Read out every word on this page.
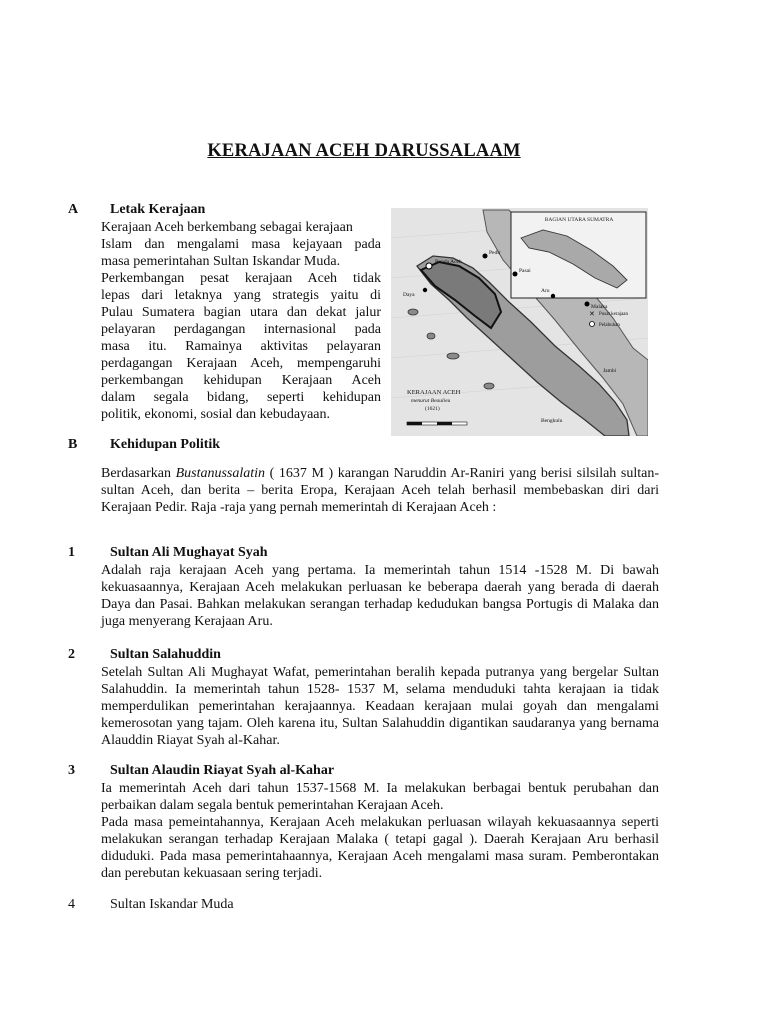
KERAJAAN ACEH DARUSSALAAM
A Letak Kerajaan
Kerajaan Aceh berkembang sebagai kerajaan
Islam dan mengalami masa kejayaan pada
masa pemerintahan Sultan Iskandar Muda.
Perkembangan pesat kerajaan Aceh tidak
lepas dari letaknya yang strategis yaitu di
Pulau Sumatera bagian utara dan dekat jalur
pelayaran perdagangan internasional pada
masa itu. Ramainya aktivitas pelayaran
perdagangan Kerajaan Aceh, mempengaruhi
perkembangan kehidupan Kerajaan Aceh
dalam segala bidang, seperti kehidupan
politik, ekonomi, sosial dan kebudayaan.
BAGIAN UTARA SUMATRA
Banda Aceh
Pedir
Pasai
Daya
Malaka
Aru
Jambi
Bengkulu
✕ Pusat kerajaan
Pelabuhan
KERAJAAN ACEH
menurut Beaulieu
(1621)
B Kehidupan Politik
Berdasarkan Bustanussalatin ( 1637 M ) karangan Naruddin Ar-Raniri yang berisi silsilah sultan- sultan Aceh, dan berita – berita Eropa, Kerajaan Aceh telah berhasil membebaskan diri dari Kerajaan Pedir. Raja -raja yang pernah memerintah di Kerajaan Aceh :
1	Sultan Ali Mughayat Syah
Adalah raja kerajaan Aceh yang pertama. Ia memerintah tahun 1514 -1528 M. Di bawah kekuasaannya, Kerajaan Aceh melakukan perluasan ke beberapa daerah yang berada di daerah Daya dan Pasai. Bahkan melakukan serangan terhadap kedudukan bangsa Portugis di Malaka dan juga menyerang Kerajaan Aru.
2	Sultan Salahuddin
Setelah Sultan Ali Mughayat Wafat, pemerintahan beralih kepada putranya yang bergelar Sultan Salahuddin. Ia memerintah tahun 1528- 1537 M, selama menduduki tahta kerajaan ia tidak memperdulikan pemerintahan kerajaannya. Keadaan kerajaan mulai goyah dan mengalami kemerosotan yang tajam. Oleh karena itu, Sultan Salahuddin digantikan saudaranya yang bernama Alauddin Riayat Syah al-Kahar.
3	Sultan Alaudin Riayat Syah al-Kahar
Ia memerintah Aceh dari tahun 1537-1568 M. Ia melakukan berbagai bentuk perubahan dan perbaikan dalam segala bentuk pemerintahan Kerajaan Aceh.
Pada masa pemeintahannya, Kerajaan Aceh melakukan perluasan wilayah kekuasaannya seperti melakukan serangan terhadap Kerajaan Malaka ( tetapi gagal ). Daerah Kerajaan Aru berhasil diduduki. Pada masa pemerintahaannya, Kerajaan Aceh mengalami masa suram. Pemberontakan dan perebutan kekuasaan sering terjadi.
4	Sultan Iskandar Muda
